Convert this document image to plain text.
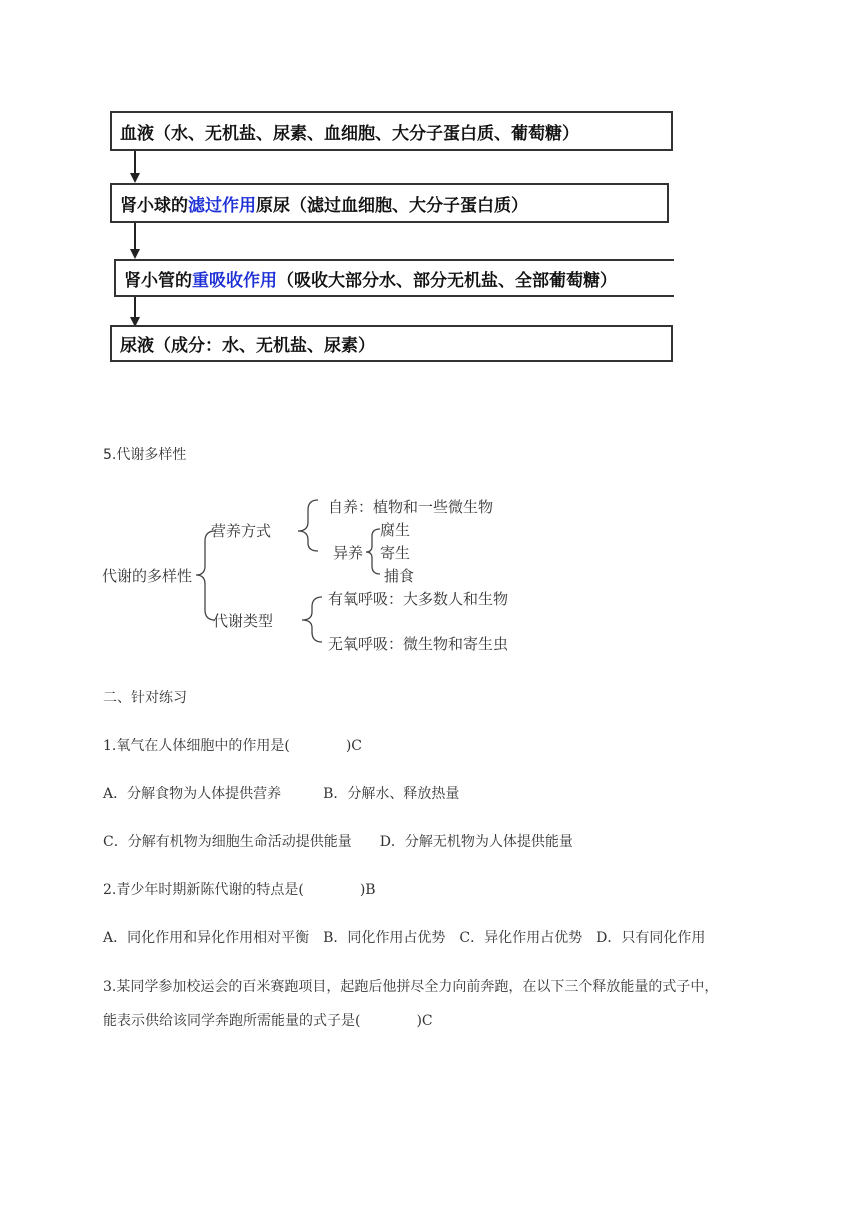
血液（水、无机盐、尿素、血细胞、大分子蛋白质、葡萄糖）
肾小球的 滤过作用 原尿（滤过血细胞、大分子蛋白质）
肾小管的 重吸收作用 （吸收大部分水、部分无机盐、全部葡萄糖）
尿液（成分：水、无机盐、尿素）
5.代谢多样性
代谢的多样性
营养方式
自养：植物和一些微生物
异养
腐生
寄生
捕食
代谢类型
有氧呼吸：大多数人和生物
无氧呼吸：微生物和寄生虫
二、针对练习
1.氧气在人体细胞中的作用是(　　　　)C
A．分解食物为人体提供营养　　　B．分解水、释放热量
C．分解有机物为细胞生命活动提供能量　　D．分解无机物为人体提供能量
2.青少年时期新陈代谢的特点是(　　　　)B
A．同化作用和异化作用相对平衡　B．同化作用占优势　C．异化作用占优势　D．只有同化作用
3.某同学参加校运会的百米赛跑项目，起跑后他拼尽全力向前奔跑，在以下三个释放能量的式子中，
能表示供给该同学奔跑所需能量的式子是(　　　　)C
